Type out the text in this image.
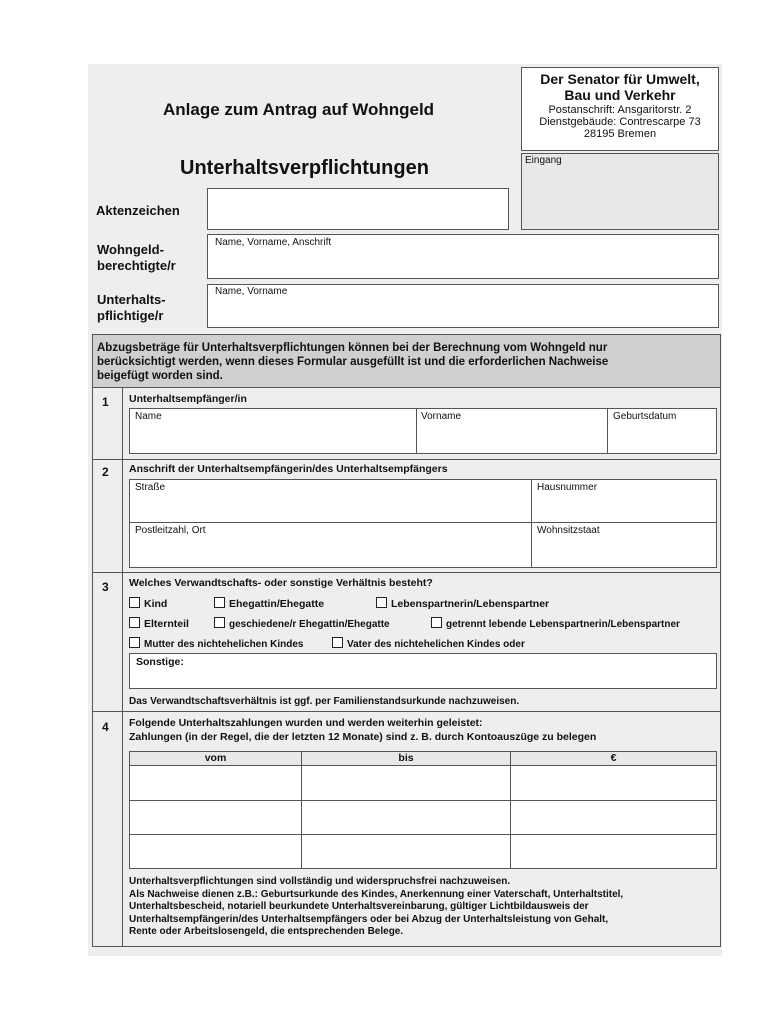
Anlage zum Antrag auf Wohngeld
Unterhaltsverpflichtungen
Der Senator für Umwelt,
Bau und Verkehr
Postanschrift: Ansgaritorstr. 2
Dienstgebäude: Contrescarpe 73
28195 Bremen
Eingang
Aktenzeichen
Wohngeld-
berechtigte/r
Name, Vorname, Anschrift
Unterhalts-
pflichtige/r
Name, Vorname
Abzugsbeträge für Unterhaltsverpflichtungen können bei der Berechnung vom Wohngeld nur
berücksichtigt werden, wenn dieses Formular ausgefüllt ist und die erforderlichen Nachweise
beigefügt worden sind.
1 Unterhaltsempfänger/in
Name	Vorname	Geburtsdatum
2 Anschrift der Unterhaltsempfängerin/des Unterhaltsempfängers
Straße	Hausnummer
Postleitzahl, Ort	Wohnsitzstaat
3 Welches Verwandtschafts- oder sonstige Verhältnis besteht?
Kind	Ehegattin/Ehegatte	Lebenspartnerin/Lebenspartner
Elternteil	geschiedene/r Ehegattin/Ehegatte	getrennt lebende Lebenspartnerin/Lebenspartner
Mutter des nichtehelichen Kindes	Vater des nichtehelichen Kindes oder
Sonstige:
Das Verwandtschaftsverhältnis ist ggf. per Familienstandsurkunde nachzuweisen.
4 Folgende Unterhaltszahlungen wurden und werden weiterhin geleistet:
Zahlungen (in der Regel, die der letzten 12 Monate) sind z. B. durch Kontoauszüge zu belegen
vom	bis	€
Unterhaltsverpflichtungen sind vollständig und widerspruchsfrei nachzuweisen.
Als Nachweise dienen z.B.: Geburtsurkunde des Kindes, Anerkennung einer Vaterschaft, Unterhaltstitel,
Unterhaltsbescheid, notariell beurkundete Unterhaltsvereinbarung, gültiger Lichtbildausweis der
Unterhaltsempfängerin/des Unterhaltsempfängers oder bei Abzug der Unterhaltsleistung von Gehalt,
Rente oder Arbeitslosengeld, die entsprechenden Belege.
